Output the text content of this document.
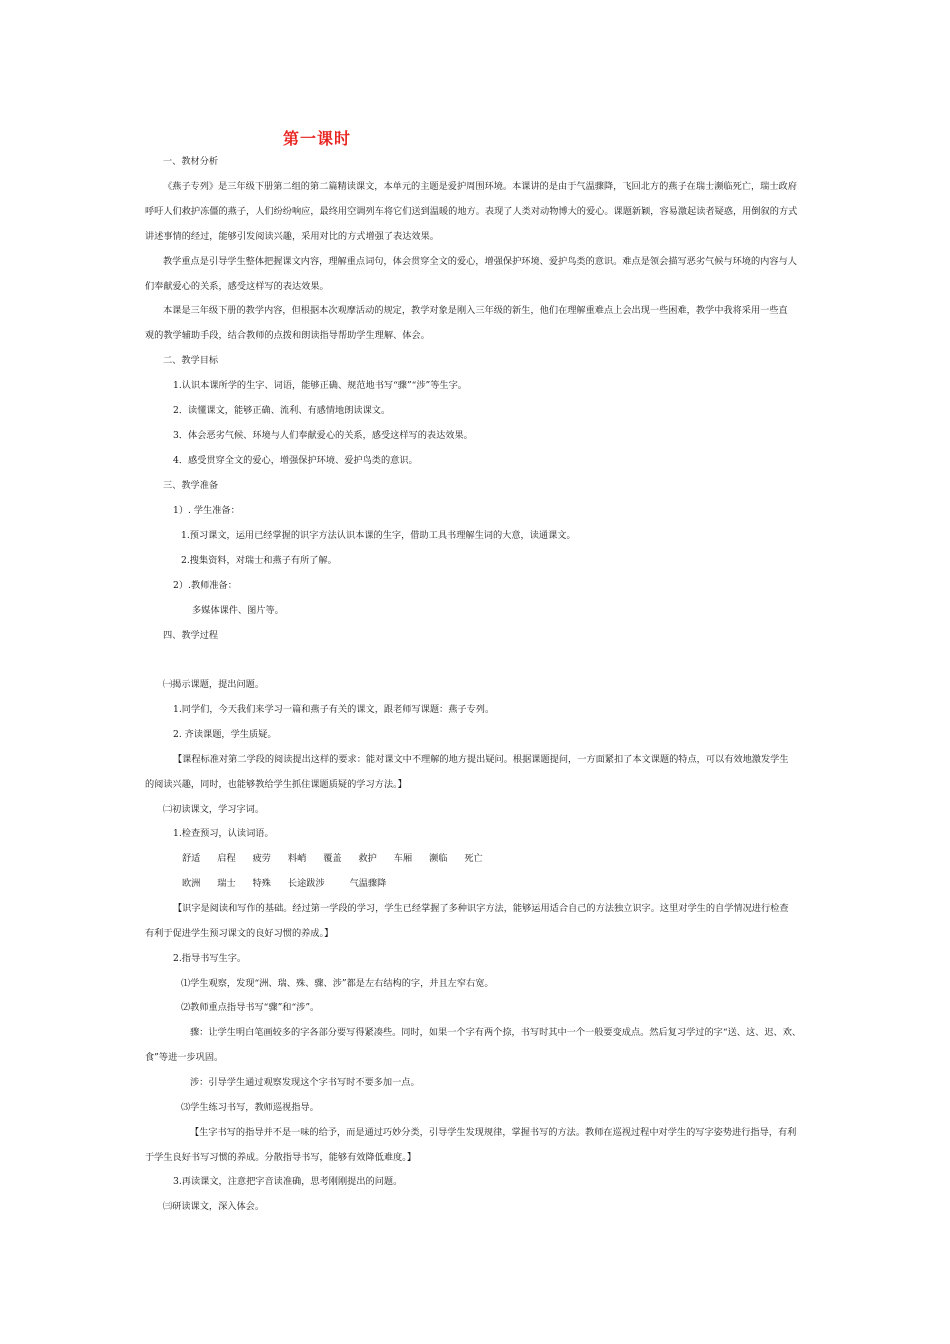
第一课时
一、教材分析
《燕子专列》是三年级下册第二组的第二篇精读课文，本单元的主题是爱护周围环境。本课讲的是由于气温骤降，飞回北方的燕子在瑞士濒临死亡，瑞士政府
呼吁人们救护冻僵的燕子，人们纷纷响应，最终用空调列车将它们送到温暖的地方。表现了人类对动物博大的爱心。课题新颖，容易激起读者疑惑，用倒叙的方式
讲述事情的经过，能够引发阅读兴趣，采用对比的方式增强了表达效果。
教学重点是引导学生整体把握课文内容，理解重点词句，体会贯穿全文的爱心，增强保护环境、爱护鸟类的意识。难点是领会描写恶劣气候与环境的内容与人
们奉献爱心的关系，感受这样写的表达效果。
本课是三年级下册的教学内容，但根据本次观摩活动的规定，教学对象是刚入三年级的新生，他们在理解重难点上会出现一些困难，教学中我将采用一些直
观的教学辅助手段，结合教师的点拨和朗读指导帮助学生理解、体会。
二、教学目标
1.认识本课所学的生字、词语，能够正确、规范地书写“骤”“涉”等生字。
2．读懂课文，能够正确、流利、有感情地朗读课文。
3．体会恶劣气候、环境与人们奉献爱心的关系，感受这样写的表达效果。
4．感受贯穿全文的爱心，增强保护环境、爱护鸟类的意识。
三、教学准备
1）. 学生准备：
1.预习课文，运用已经掌握的识字方法认识本课的生字，借助工具书理解生词的大意，读通课文。
2.搜集资料，对瑞士和燕子有所了解。
2）.教师准备：
多媒体课件、图片等。
四、教学过程
㈠揭示课题，提出问题。
1.同学们，今天我们来学习一篇和燕子有关的课文，跟老师写课题：燕子专列。
2. 齐读课题，学生质疑。
【课程标准对第二学段的阅读提出这样的要求：能对课文中不理解的地方提出疑问。根据课题提问，一方面紧扣了本文课题的特点，可以有效地激发学生
的阅读兴趣，同时，也能够教给学生抓住课题质疑的学习方法。】
㈡初读课文，学习字词。
1.检查预习，认读词语。
舒适 启程 疲劳 料峭 覆盖 救护 车厢 濒临 死亡
欧洲 瑞士 特殊 长途跋涉	气温骤降
【识字是阅读和写作的基础。经过第一学段的学习，学生已经掌握了多种识字方法，能够运用适合自己的方法独立识字。这里对学生的自学情况进行检查
有利于促进学生预习课文的良好习惯的养成。】
2.指导书写生字。
⑴学生观察，发现“洲、瑞、殊、骤、涉”都是左右结构的字，并且左窄右宽。
⑵教师重点指导书写“骤”和“涉”。
骤：让学生明白笔画较多的字各部分要写得紧凑些。同时，如果一个字有两个捺，书写时其中一个一般要变成点。然后复习学过的字“送、这、迟、欢、
食”等进一步巩固。
涉：引导学生通过观察发现这个字书写时不要多加一点。
⑶学生练习书写，教师巡视指导。
【生字书写的指导并不是一味的给予，而是通过巧妙分类，引导学生发现规律，掌握书写的方法。教师在巡视过程中对学生的写字姿势进行指导，有利
于学生良好书写习惯的养成。分散指导书写，能够有效降低难度。】
3.再读课文，注意把字音读准确，思考刚刚提出的问题。
㈢研读课文，深入体会。
